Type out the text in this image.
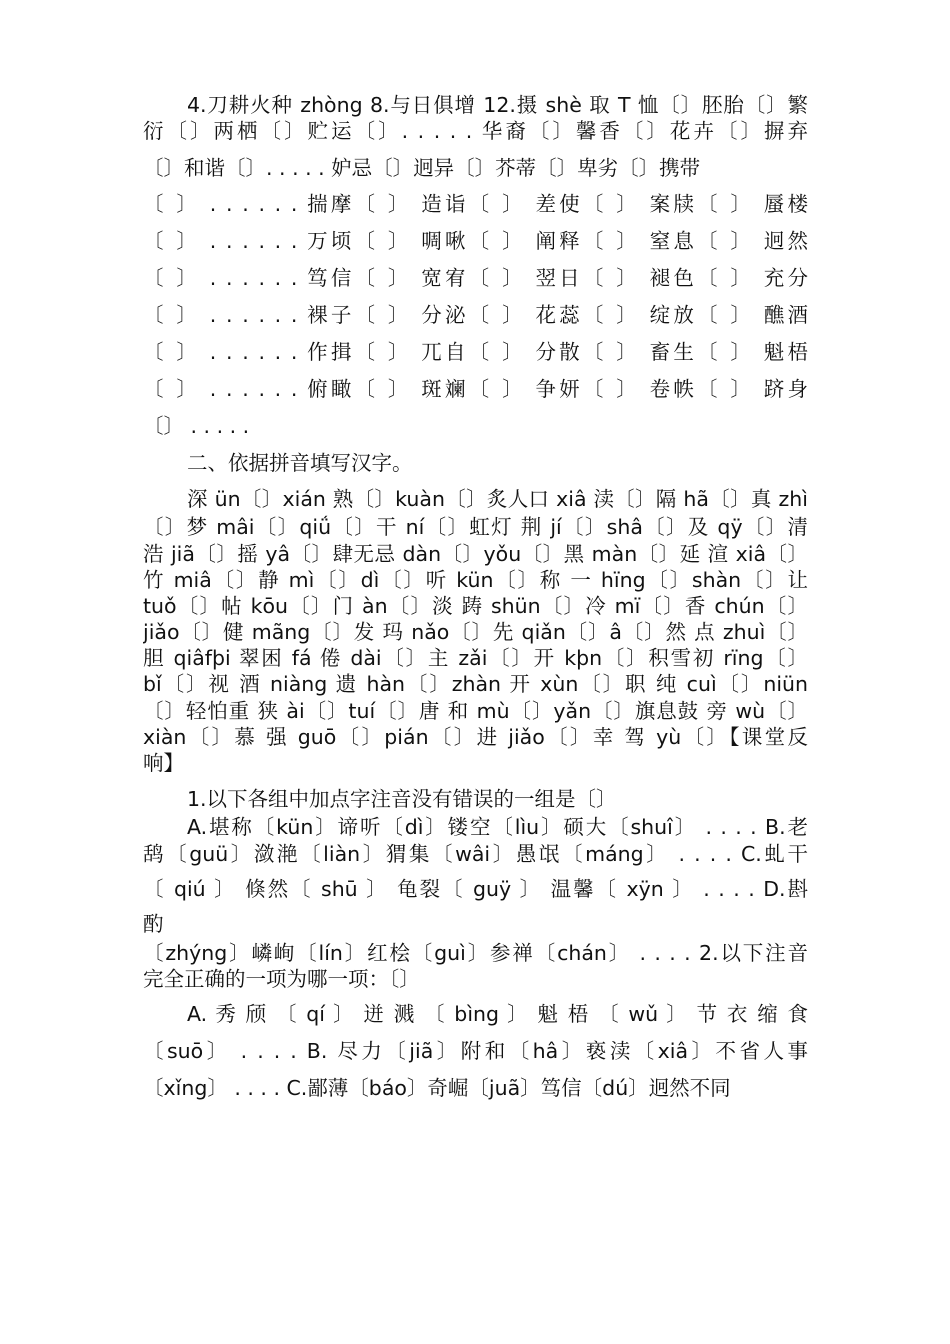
4.刀耕火种 zhòng 8.与日俱增 12.摄 shè 取 T 恤〔〕胚胎〔〕繁
衍〔〕两栖〔〕贮运〔〕. . . . . 华裔〔〕馨香〔〕花卉〔〕摒弃
〔〕和谐〔〕. . . . . 妒忌〔〕迥异〔〕芥蒂〔〕卑劣〔〕携带
〔 〕 . . . . . . 揣摩〔 〕 造诣〔 〕 差使〔 〕 案牍〔 〕 蜃楼
〔 〕 . . . . . . 万顷〔 〕 啁啾〔 〕 阐释〔 〕 窒息〔 〕 迥然
〔 〕 . . . . . . 笃信〔 〕 宽宥〔 〕 翌日〔 〕 褪色〔 〕 充分
〔 〕 . . . . . . 裸子〔 〕 分泌〔 〕 花蕊〔 〕 绽放〔 〕 醮酒
〔 〕 . . . . . . 作揖〔 〕 兀自〔 〕 分散〔 〕 畜生〔 〕 魁梧
〔 〕 . . . . . . 俯瞰〔 〕 斑斓〔 〕 争妍〔 〕 卷帙〔 〕 跻身
〔〕 . . . . .
二、依据拼音填写汉字。
深 ün〔〕xián 熟〔〕kuàn〔〕炙人口 xiâ 渎〔〕隔 hã〔〕真 zhì
〔〕梦 mâi〔〕qiǘ〔〕干 ní〔〕虹灯 荆 jí〔〕shâ〔〕及 qÿ〔〕清
浩 jiã〔〕摇 yâ〔〕肆无忌 dàn〔〕yǒu〔〕黑 màn〔〕延 渲 xiâ〔〕
竹 miâ〔〕静 mì〔〕dì〔〕听 kün〔〕称 一 hïng〔〕shàn〔〕让
tuǒ〔〕帖 kōu〔〕门 àn〔〕淡 踌 shün〔〕冷 mï〔〕香 chún〔〕
jiǎo〔〕健 mãng〔〕发 玛 nǎo〔〕先 qiǎn〔〕â〔〕然 点 zhuì〔〕
胆 qiâfþi 翠困 fá 倦 dài〔〕主 zǎi〔〕开 kþn〔〕积雪初 rïng〔〕
bǐ〔〕视 酒 niàng 遗 hàn〔〕zhàn 开 xùn〔〕职 纯 cuì〔〕niün
〔〕轻怕重 狭 ài〔〕tuí〔〕唐 和 mù〔〕yǎn〔〕旗息鼓 旁 wù〔〕
xiàn〔〕慕 强 guō〔〕pián〔〕进 jiǎo〔〕幸 驾 yù〔〕【课堂反
响】
1.以下各组中加点字注音没有错误的一组是〔〕
A.堪称〔kün〕谛听〔dì〕镂空〔lìu〕硕大〔shuî〕 . . . . B.老
鸹〔guü〕潋滟〔liàn〕猬集〔wâi〕愚氓〔máng〕 . . . . C.虬干
〔 qiú 〕 倏然〔 shū 〕 龟裂〔 guÿ 〕 温馨〔 xÿn 〕 . . . . D.斟
酌
〔zhýng〕嶙峋〔lín〕红桧〔guì〕参禅〔chán〕 . . . . 2.以下注音
完全正确的一项为哪一项：〔〕
A. 秀 颀 〔 qí 〕 迸 溅 〔 bìng 〕 魁 梧 〔 wǔ 〕 节 衣 缩 食
〔suō〕 . . . . B. 尽力〔jiã〕附和〔hâ〕亵渎〔xiâ〕不省人事
〔xǐng〕 . . . . C.鄙薄〔báo〕奇崛〔juã〕笃信〔dú〕迥然不同
